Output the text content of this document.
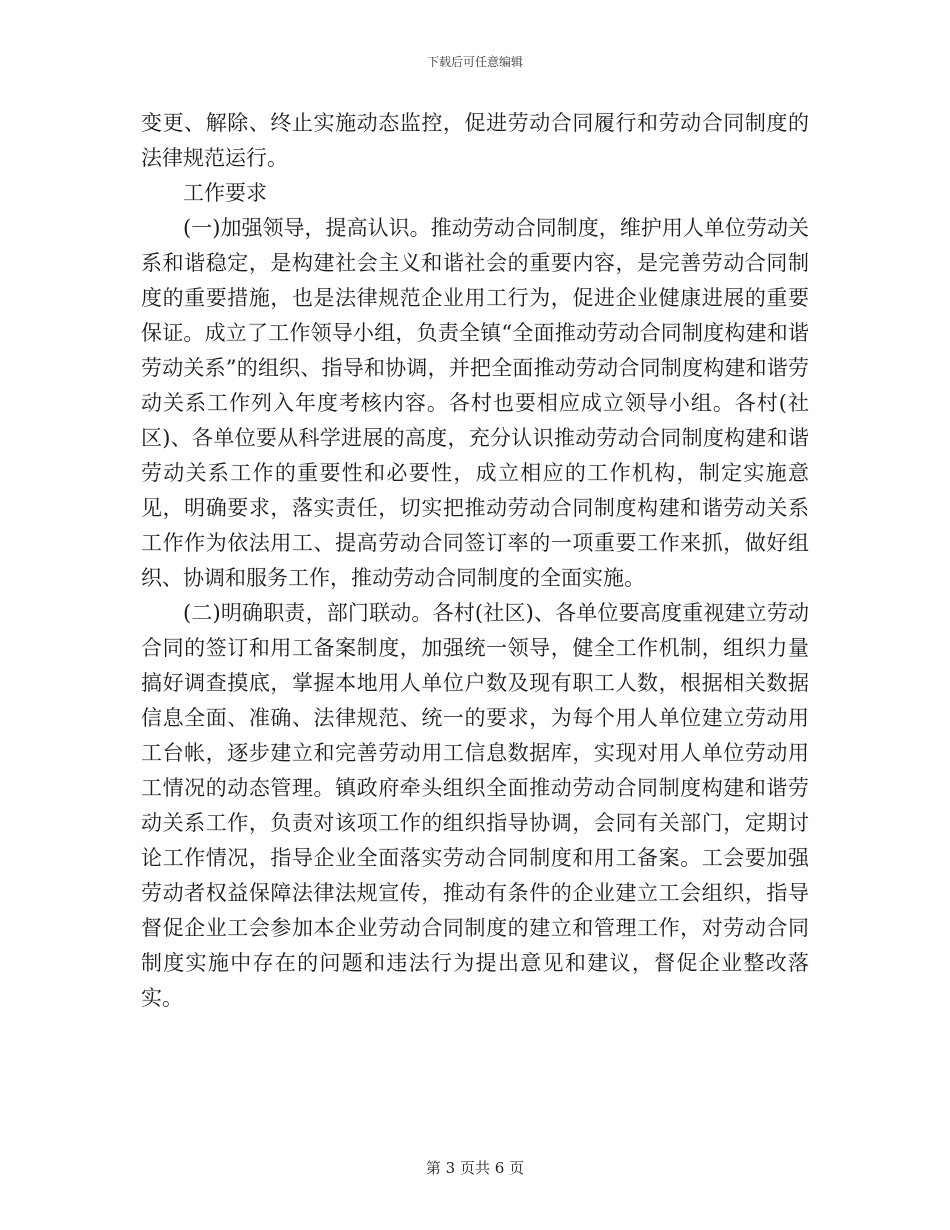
下载后可任意编辑

变更、解除、终止实施动态监控，促进劳动合同履行和劳动合同制度的法律规范运行。

工作要求

(一)加强领导，提高认识。推动劳动合同制度，维护用人单位劳动关系和谐稳定，是构建社会主义和谐社会的重要内容，是完善劳动合同制度的重要措施，也是法律规范企业用工行为，促进企业健康进展的重要保证。成立了工作领导小组，负责全镇“全面推动劳动合同制度构建和谐劳动关系”的组织、指导和协调，并把全面推动劳动合同制度构建和谐劳动关系工作列入年度考核内容。各村也要相应成立领导小组。各村(社区)、各单位要从科学进展的高度，充分认识推动劳动合同制度构建和谐劳动关系工作的重要性和必要性，成立相应的工作机构，制定实施意见，明确要求，落实责任，切实把推动劳动合同制度构建和谐劳动关系工作作为依法用工、提高劳动合同签订率的一项重要工作来抓，做好组织、协调和服务工作，推动劳动合同制度的全面实施。

(二)明确职责，部门联动。各村(社区)、各单位要高度重视建立劳动合同的签订和用工备案制度，加强统一领导，健全工作机制，组织力量搞好调查摸底，掌握本地用人单位户数及现有职工人数，根据相关数据信息全面、准确、法律规范、统一的要求，为每个用人单位建立劳动用工台帐，逐步建立和完善劳动用工信息数据库，实现对用人单位劳动用工情况的动态管理。镇政府牵头组织全面推动劳动合同制度构建和谐劳动关系工作，负责对该项工作的组织指导协调，会同有关部门，定期讨论工作情况，指导企业全面落实劳动合同制度和用工备案。工会要加强劳动者权益保障法律法规宣传，推动有条件的企业建立工会组织，指导督促企业工会参加本企业劳动合同制度的建立和管理工作，对劳动合同制度实施中存在的问题和违法行为提出意见和建议，督促企业整改落实。

第 3 页共 6 页
